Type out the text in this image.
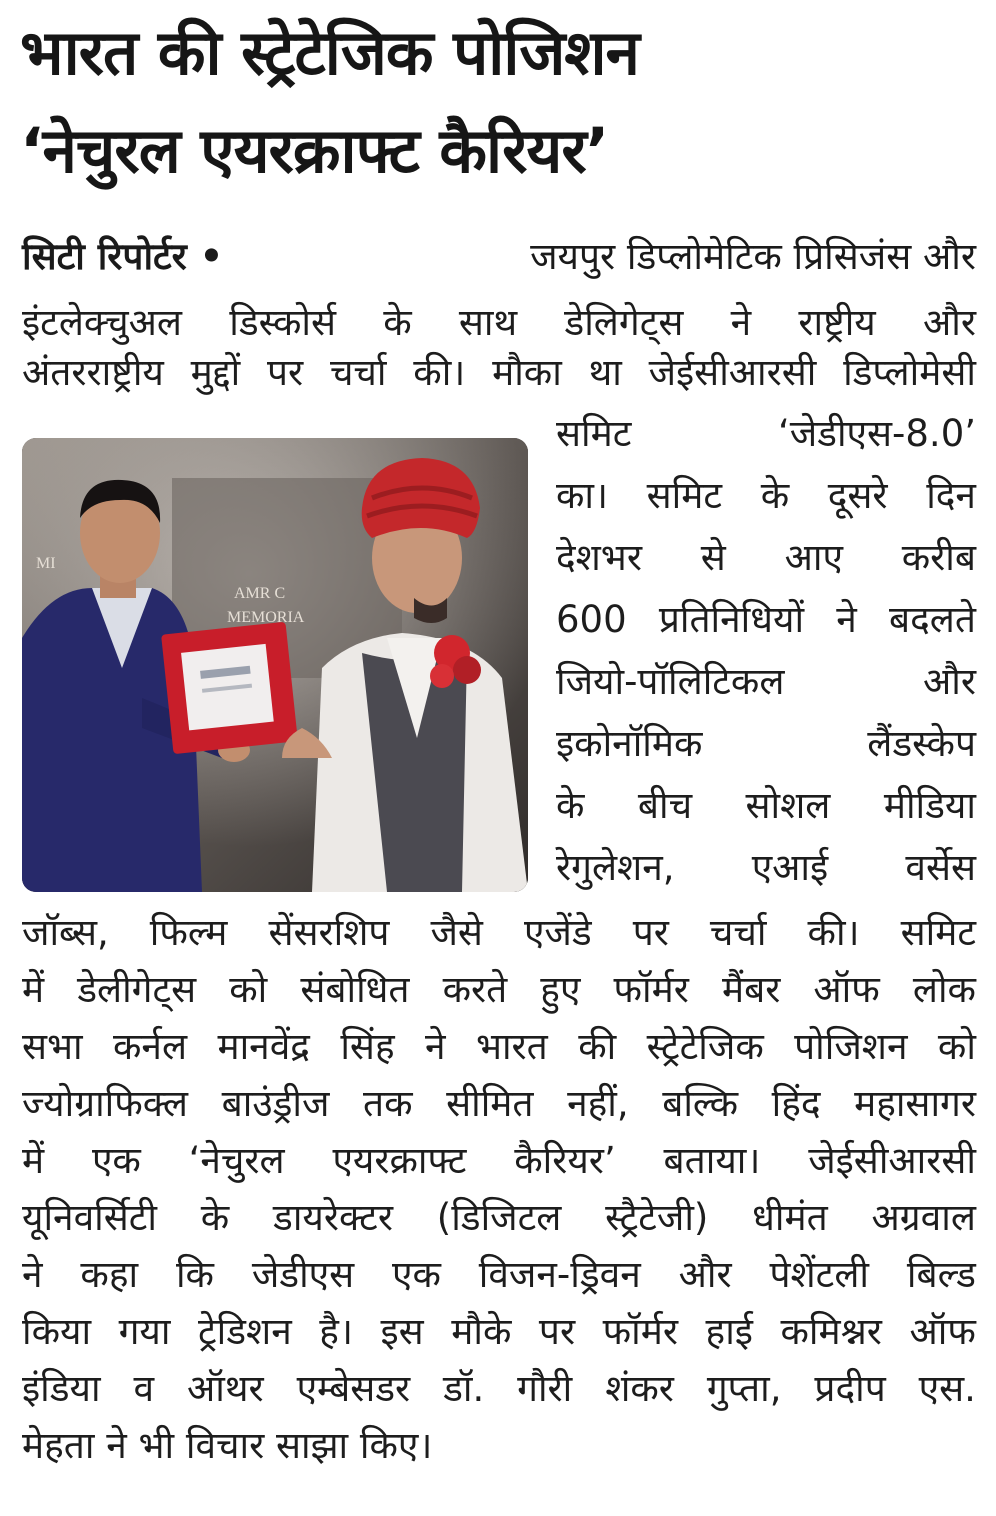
भारत की स्ट्रेटेजिक पोजिशन
‘नेचुरल एयरक्राफ्ट कैरियर’
सिटी रिपोर्टर •	जयपुर डिप्लोमेटिक प्रिसिजंस और
इंटलेक्चुअल डिस्कोर्स के साथ डेलिगेट्स ने राष्ट्रीय और
अंतरराष्ट्रीय मुद्दों पर चर्चा की। मौका था जेईसीआरसी डिप्लोमेसी
समिट	‘जेडीएस-8.0’
का। समिट के दूसरे दिन
देशभर से आए करीब
600 प्रतिनिधियों ने बदलते
जियो-पॉलिटिकल	और
इकोनॉमिक	लैंडस्केप
के बीच सोशल मीडिया
रेगुलेशन, एआई वर्सेस
जॉब्स, फिल्म सेंसरशिप जैसे एजेंडे पर चर्चा की। समिट
में डेलीगेट्स को संबोधित करते हुए फॉर्मर मैंबर ऑफ लोक
सभा कर्नल मानवेंद्र सिंह ने भारत की स्ट्रेटेजिक पोजिशन को
ज्योग्राफिक्ल बाउंड्रीज तक सीमित नहीं, बल्कि हिंद महासागर
में एक ‘नेचुरल एयरक्राफ्ट कैरियर’ बताया। जेईसीआरसी
यूनिवर्सिटी के डायरेक्टर (डिजिटल स्ट्रैटेजी) धीमंत अग्रवाल
ने कहा कि जेडीएस एक विजन-ड्रिवन और पेशेंटली बिल्ड
किया गया ट्रेडिशन है। इस मौके पर फॉर्मर हाई कमिश्नर ऑफ
इंडिया व ऑथर एम्बेसडर डॉ. गौरी शंकर गुप्ता, प्रदीप एस.
मेहता ने भी विचार साझा किए।
AMR C
MEMORIA
MI
